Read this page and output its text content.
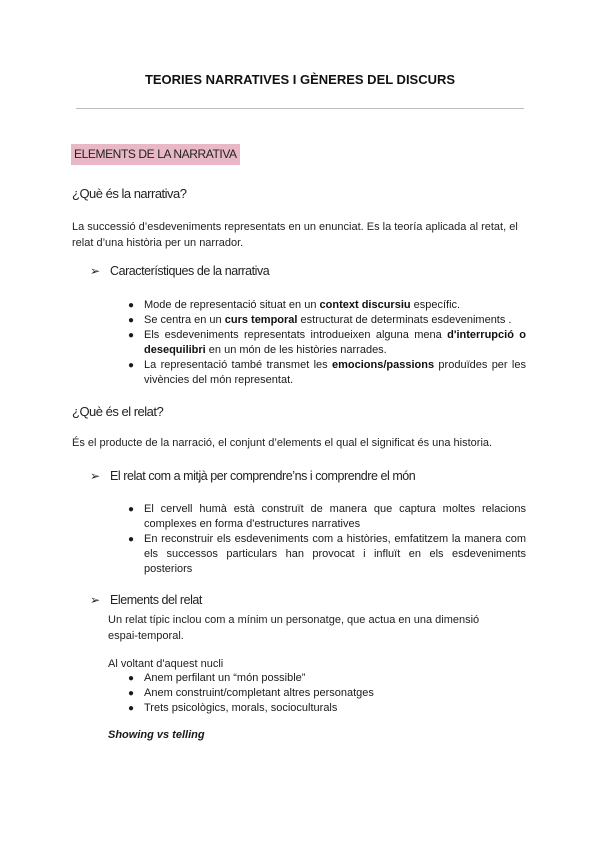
TEORIES NARRATIVES I GÈNERES DEL DISCURS
ELEMENTS DE LA NARRATIVA
¿Què és la narrativa?
La successió d’esdeveniments representats en un enunciat. Es la teoría aplicada al retat, el relat d’una història per un narrador.
➢ Característiques de la narrativa
● Mode de representació situat en un context discursiu específic.
● Se centra en un curs temporal estructurat de determinats esdeveniments .
● Els esdeveniments representats introdueixen alguna mena d'interrupció o desequilibri en un món de les històries narrades.
● La representació també transmet les emocions/passions produïdes per les vivències del món representat.
¿Què és el relat?
És el producte de la narració, el conjunt d’elements el qual el significat és una historia.
➢ El relat com a mitjà per comprendre’ns i comprendre el món
● El cervell humà està construït de manera que captura moltes relacions complexes en forma d'estructures narratives
● En reconstruir els esdeveniments com a històries, emfatitzem la manera com els successos particulars han provocat i influït en els esdeveniments posteriors
➢ Elements del relat
Un relat típic inclou com a mínim un personatge, que actua en una dimensió espai-temporal.
Al voltant d'aquest nucli
● Anem perfilant un “món possible”
● Anem construint/completant altres personatges
● Trets psicològics, morals, socioculturals
Showing vs telling
